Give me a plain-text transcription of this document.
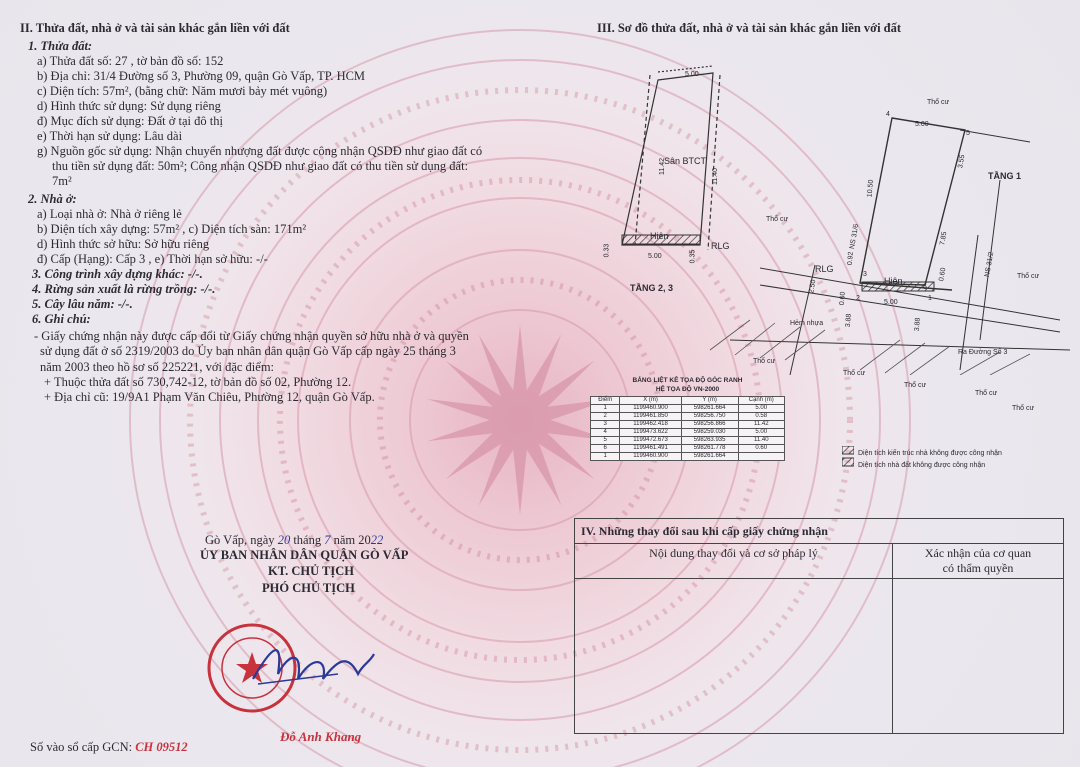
II. Thửa đất, nhà ở và tài sản khác gắn liền với đất
1. Thửa đất:
a) Thửa đất số: 27 , tờ bản đồ số: 152
b) Địa chỉ: 31/4 Đường số 3, Phường 09, quận Gò Vấp, TP. HCM
c) Diện tích: 57m², (bằng chữ: Năm mươi bảy mét vuông)
d) Hình thức sử dụng: Sử dụng riêng
đ) Mục đích sử dụng: Đất ở tại đô thị
e) Thời hạn sử dụng: Lâu dài
g) Nguồn gốc sử dụng: Nhận chuyển nhượng đất được công nhận QSDĐ như giao đất có
thu tiền sử dụng đất: 50m²; Công nhận QSDĐ như giao đất có thu tiền sử dụng đất:
7m²
2. Nhà ở:
a) Loại nhà ở: Nhà ở riêng lẻ
b) Diện tích xây dựng: 57m² , c) Diện tích sàn: 171m²
d) Hình thức sở hữu: Sở hữu riêng
đ) Cấp (Hạng): Cấp 3 , e) Thời hạn sở hữu: -/-
3. Công trình xây dựng khác: -/-.
4. Rừng sản xuất là rừng trồng: -/-.
5. Cây lâu năm: -/-.
6. Ghi chú:
- Giấy chứng nhận này được cấp đổi từ Giấy chứng nhận quyền sở hữu nhà ở và quyền
sử dụng đất ở số 2319/2003 do Ủy ban nhân dân quận Gò Vấp cấp ngày 25 tháng 3
năm 2003 theo hồ sơ số 225221, với đặc điểm:
+ Thuộc thửa đất số 730,742-12, tờ bản đồ số 02, Phường 12.
+ Địa chỉ cũ: 19/9A1 Phạm Văn Chiêu, Phường 12, quận Gò Vấp.
III. Sơ đồ thửa đất, nhà ở và tài sản khác gắn liền với đất
5.00
11.42
11.40
Sân BTCT
Hiên
RLG
0.33	0.35
5.00
TẦNG 2, 3
5.00
3.55
10.50
7.85
0.92
0.60
2.50
0.60
3.88	3.88
5.00
4
5
3
6
2	1
TẦNG 1
Hiên
RLG
NS 31/6
NS 31/2
Thổ cư
Thổ cư
Thổ cư
Thổ cư
Thổ cư
Thổ cư
Thổ cư
Thổ cư
Hẻm nhựa
Ra Đường Số 3
BẢNG LIỆT KÊ TỌA ĐỘ GÓC RANH
HỆ TỌA ĐỘ VN-2000
Điểm	X (m)	Y (m)	Cạnh (m)
1	1199460.900	598261.664	5.00
2	1199461.850	598256.750	0.58
3	1199462.418	598256.866	11.42
4	1199473.622	598259.030	5.00
5	1199472.673	598263.935	11.40
6	1199461.491	598261.778	0.60
1	1199460.900	598261.664		Diện tích kiến trúc nhà không được công nhận
Diện tích nhà đất không được công nhận
Gò Vấp, ngày 20 tháng 7 năm 2022
ỦY BAN NHÂN DÂN QUẬN GÒ VẤP
KT. CHỦ TỊCH
PHÓ CHỦ TỊCH
Đỗ Anh Khang
Số vào sổ cấp GCN: CH 09512
IV. Những thay đổi sau khi cấp giấy chứng nhận	
Nội dung thay đổi và cơ sở pháp lý	Xác nhận của cơ quan
có thẩm quyền
